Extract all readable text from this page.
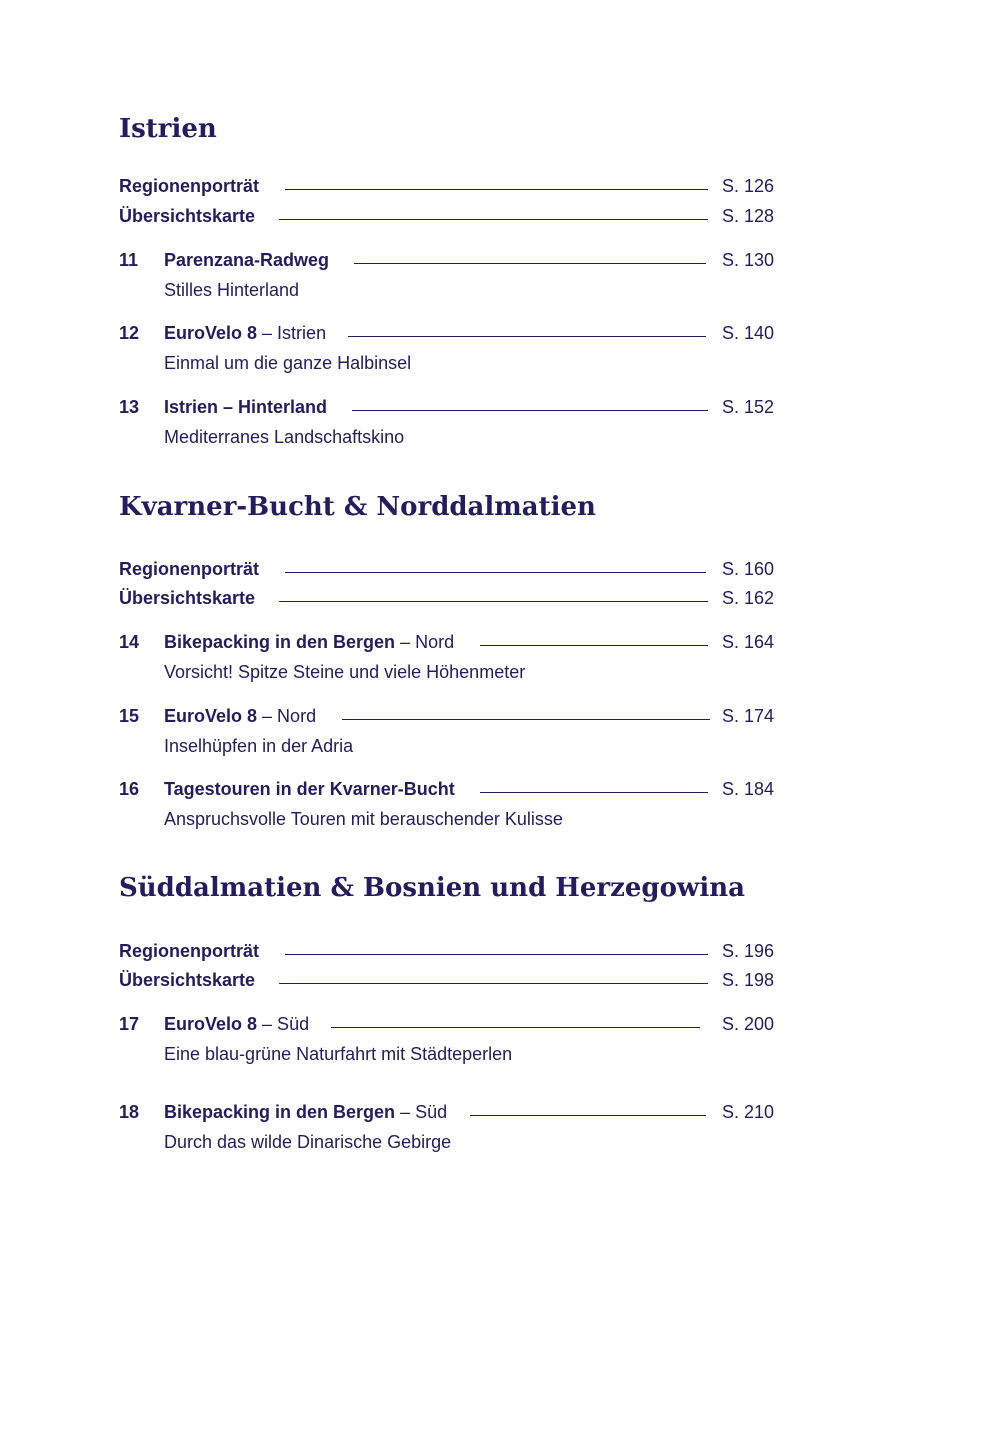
Istrien
Regionenporträt	S. 126
Übersichtskarte	S. 128
11 Parenzana-Radweg	S. 130
Stilles Hinterland
12 EuroVelo 8 – Istrien	S. 140
Einmal um die ganze Halbinsel
13 Istrien – Hinterland	S. 152
Mediterranes Landschaftskino
Kvarner-Bucht & Norddalmatien
Regionenporträt	S. 160
Übersichtskarte	S. 162
14 Bikepacking in den Bergen – Nord	S. 164
Vorsicht! Spitze Steine und viele Höhenmeter
15 EuroVelo 8 – Nord	S. 174
Inselhüpfen in der Adria
16 Tagestouren in der Kvarner-Bucht	S. 184
Anspruchsvolle Touren mit berauschender Kulisse
Süddalmatien & Bosnien und Herzegowina
Regionenporträt	S. 196
Übersichtskarte	S. 198
17 EuroVelo 8 – Süd	S. 200
Eine blau-grüne Naturfahrt mit Städteperlen
18 Bikepacking in den Bergen – Süd	S. 210
Durch das wilde Dinarische Gebirge
